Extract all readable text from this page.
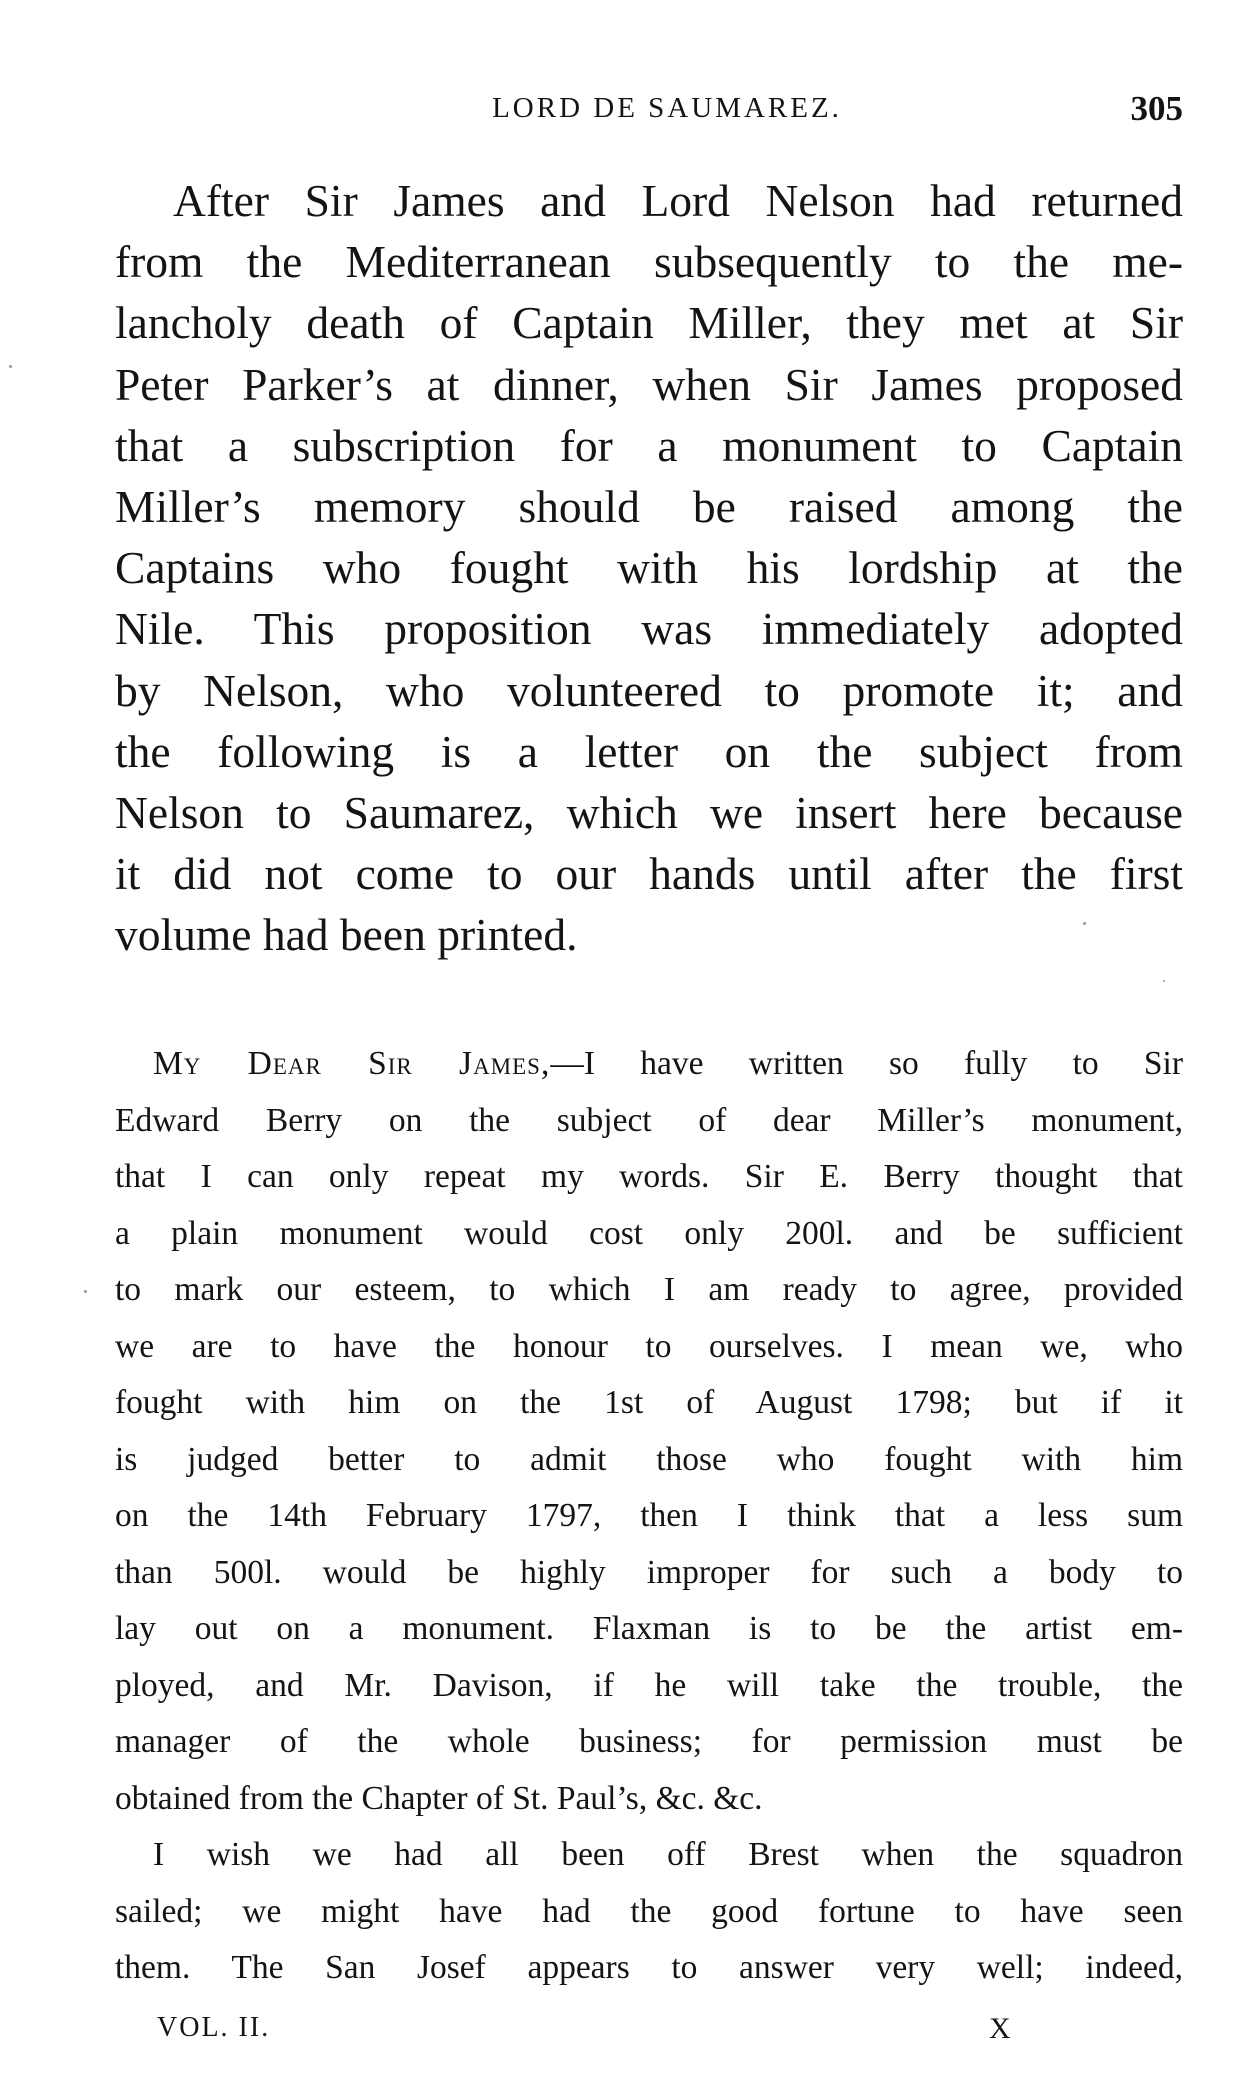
LORD DE SAUMAREZ.	305
After Sir James and Lord Nelson had returned
from the Mediterranean subsequently to the me-
lancholy death of Captain Miller, they met at Sir
Peter Parker’s at dinner, when Sir James proposed
that a subscription for a monument to Captain
Miller’s memory should be raised among the
Captains who fought with his lordship at the
Nile. This proposition was immediately adopted
by Nelson, who volunteered to promote it; and
the following is a letter on the subject from
Nelson to Saumarez, which we insert here because
it did not come to our hands until after the first
volume had been printed.
My Dear Sir James,—I have written so fully to Sir
Edward Berry on the subject of dear Miller’s monument,
that I can only repeat my words. Sir E. Berry thought that
a plain monument would cost only 200l. and be sufficient
to mark our esteem, to which I am ready to agree, provided
we are to have the honour to ourselves. I mean we, who
fought with him on the 1st of August 1798; but if it
is judged better to admit those who fought with him
on the 14th February 1797, then I think that a less sum
than 500l. would be highly improper for such a body to
lay out on a monument. Flaxman is to be the artist em-
ployed, and Mr. Davison, if he will take the trouble, the
manager of the whole business; for permission must be
obtained from the Chapter of St. Paul’s, &c. &c.
I wish we had all been off Brest when the squadron
sailed; we might have had the good fortune to have seen
them. The San Josef appears to answer very well; indeed,
VOL. II.	X
